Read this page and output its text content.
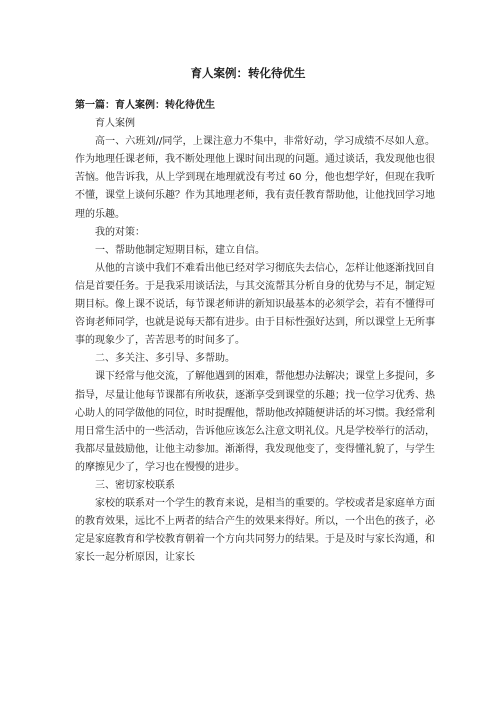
育人案例：转化待优生

第一篇：育人案例：转化待优生

育人案例

高一、六班刘//同学，上课注意力不集中，非常好动，学习成绩不尽如人意。作为地理任课老师，我不断处理他上课时间出现的问题。通过谈话，我发现他也很苦恼。他告诉我，从上学到现在地理就没有考过 60 分，他也想学好，但现在我听不懂，课堂上谈何乐趣？作为其地理老师，我有责任教育帮助他，让他找回学习地理的乐趣。

我的对策：

一、帮助他制定短期目标，建立自信。

从他的言谈中我们不难看出他已经对学习彻底失去信心，怎样让他逐渐找回自信是首要任务。于是我采用谈话法，与其交流帮其分析自身的优势与不足，制定短期目标。像上课不说话，每节课老师讲的新知识最基本的必须学会，若有不懂得可咨询老师同学，也就是说每天都有进步。由于目标性强好达到，所以课堂上无所事事的现象少了，苦苦思考的时间多了。

二、多关注、多引导、多帮助。

课下经常与他交流，了解他遇到的困难，帮他想办法解决；课堂上多提问，多指导，尽量让他每节课都有所收获，逐渐享受到课堂的乐趣；找一位学习优秀、热心助人的同学做他的同位，时时提醒他，帮助他改掉随便讲话的坏习惯。我经常利用日常生活中的一些活动，告诉他应该怎么注意文明礼仪。凡是学校举行的活动，我都尽量鼓励他，让他主动参加。渐渐得，我发现他变了，变得懂礼貌了，与学生的摩擦见少了，学习也在慢慢的进步。

三、密切家校联系

家校的联系对一个学生的教育来说，是相当的重要的。学校或者是家庭单方面的教育效果，远比不上两者的结合产生的效果来得好。所以，一个出色的孩子，必定是家庭教育和学校教育朝着一个方向共同努力的结果。于是及时与家长沟通，和家长一起分析原因，让家长
